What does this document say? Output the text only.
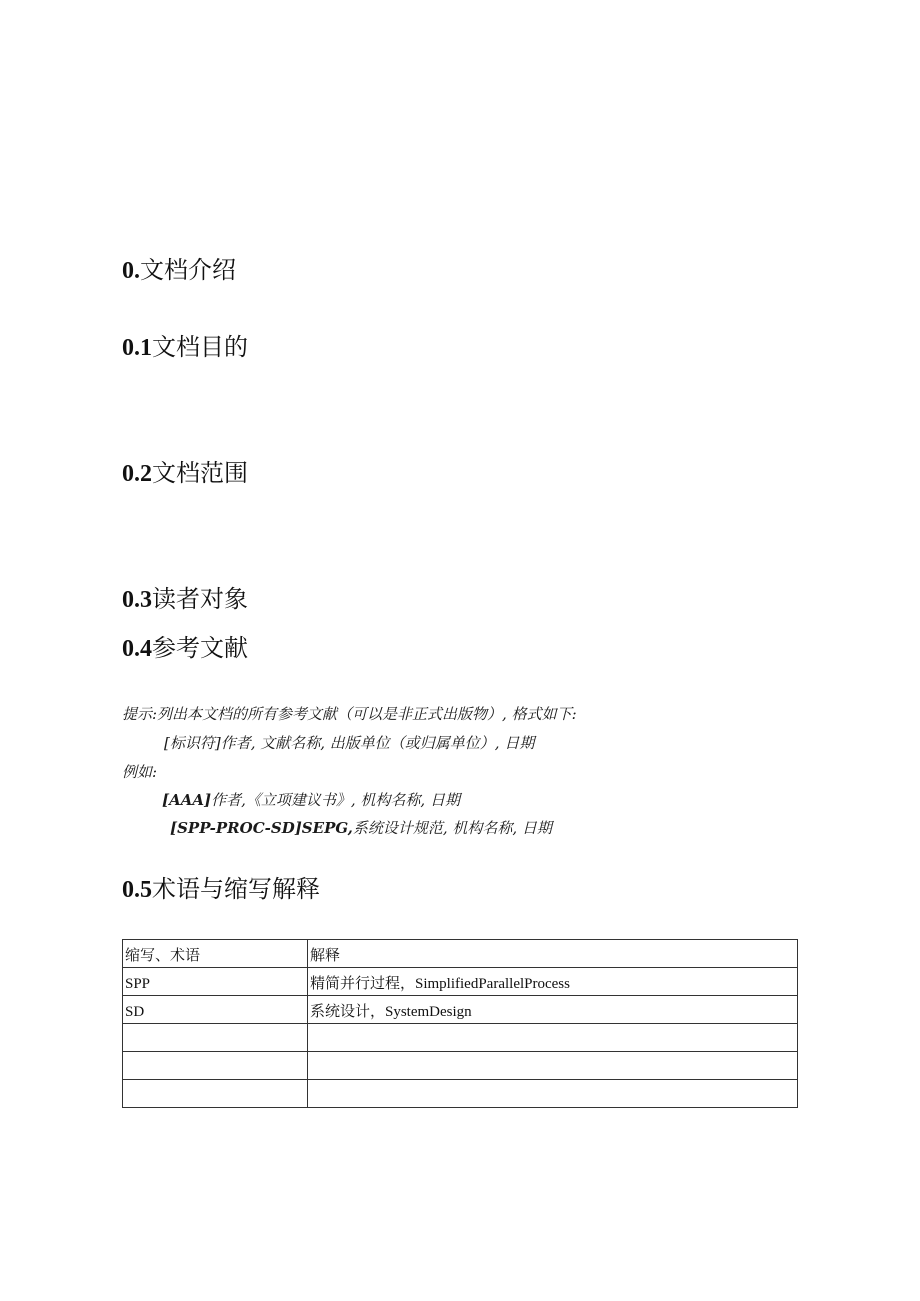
0.文档介绍
0.1文档目的
0.2文档范围
0.3读者对象
0.4参考文献
提示:列出本文档的所有参考文献（可以是非正式出版物）, 格式如下:
[标识符]作者, 文献名称, 出版单位（或归属单位）, 日期
例如:
[AAA]作者,《立项建议书》, 机构名称, 日期
[SPP-PROC-SD]SEPG,系统设计规范, 机构名称, 日期
0.5术语与缩写解释
缩写、术语	解释
SPP	精简并行过程，SimplifiedParallelProcess
SD	系统设计，SystemDesign
